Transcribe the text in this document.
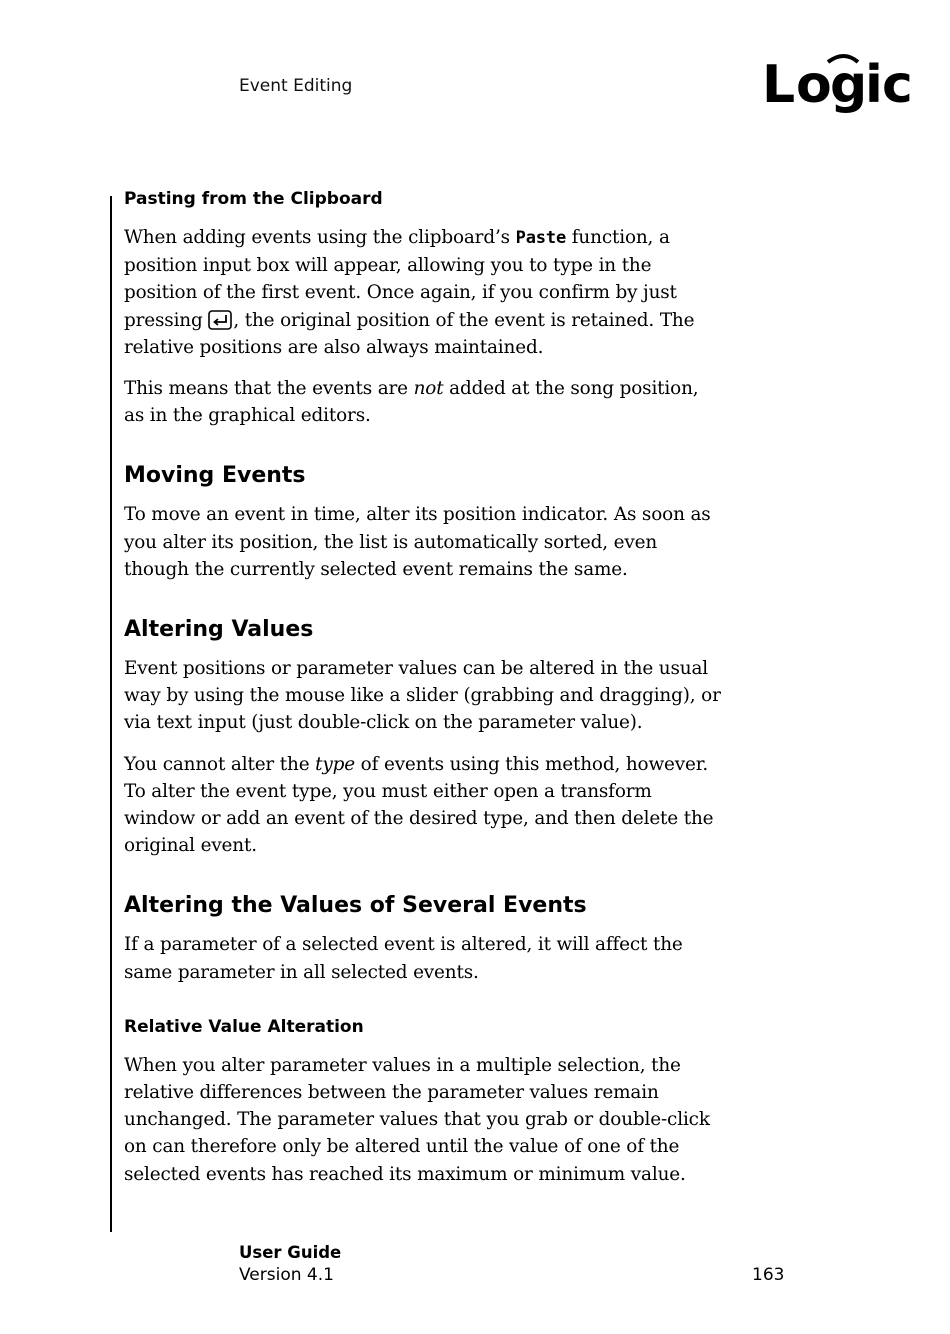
Event Editing	L o
g
i c
Pasting from the Clipboard

When adding events using the clipboard’s Paste function, a position input box will appear, allowing you to type in the position of the first event. Once again, if you confirm by just pressing , the original position of the event is retained. The relative positions are also always maintained.

This means that the events are not added at the song position, as in the graphical editors.

Moving Events

To move an event in time, alter its position indicator. As soon as you alter its position, the list is automatically sorted, even though the currently selected event remains the same.

Altering Values

Event positions or parameter values can be altered in the usual way by using the mouse like a slider (grabbing and dragging), or via text input (just double-click on the parameter value).

You cannot alter the type of events using this method, however. To alter the event type, you must either open a transform window or add an event of the desired type, and then delete the original event.

Altering the Values of Several Events

If a parameter of a selected event is altered, it will affect the same parameter in all selected events.

Relative Value Alteration

When you alter parameter values in a multiple selection, the relative differences between the parameter values remain unchanged. The parameter values that you grab or double-click on can therefore only be altered until the value of one of the selected events has reached its maximum or minimum value.

User Guide
Version 4.1	163
